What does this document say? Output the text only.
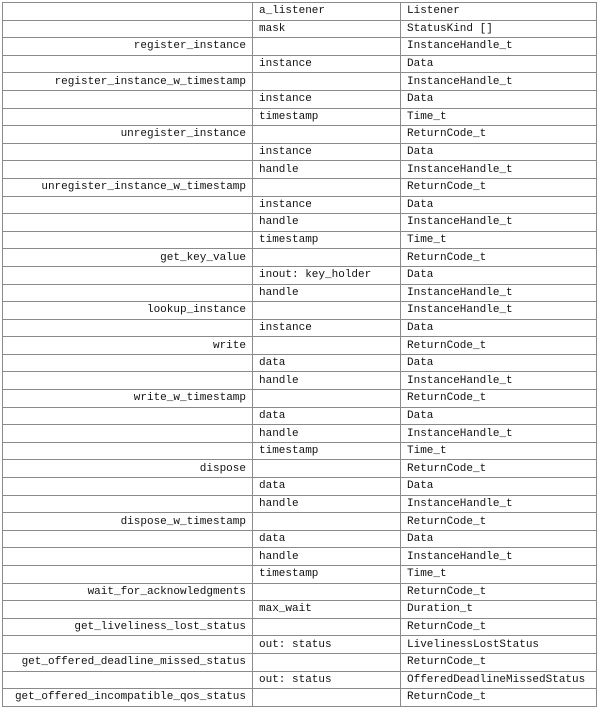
	a_listener	Listener
	mask	StatusKind []
register_instance		InstanceHandle_t
	instance	Data
register_instance_w_timestamp		InstanceHandle_t
	instance	Data
	timestamp	Time_t
unregister_instance		ReturnCode_t
	instance	Data
	handle	InstanceHandle_t
unregister_instance_w_timestamp		ReturnCode_t
	instance	Data
	handle	InstanceHandle_t
	timestamp	Time_t
get_key_value		ReturnCode_t
	inout: key_holder	Data
	handle	InstanceHandle_t
lookup_instance		InstanceHandle_t
	instance	Data
write		ReturnCode_t
	data	Data
	handle	InstanceHandle_t
write_w_timestamp		ReturnCode_t
	data	Data
	handle	InstanceHandle_t
	timestamp	Time_t
dispose		ReturnCode_t
	data	Data
	handle	InstanceHandle_t
dispose_w_timestamp		ReturnCode_t
	data	Data
	handle	InstanceHandle_t
	timestamp	Time_t
wait_for_acknowledgments		ReturnCode_t
	max_wait	Duration_t
get_liveliness_lost_status		ReturnCode_t
	out: status	LivelinessLostStatus
get_offered_deadline_missed_status		ReturnCode_t
	out: status	OfferedDeadlineMissedStatus
get_offered_incompatible_qos_status		ReturnCode_t
